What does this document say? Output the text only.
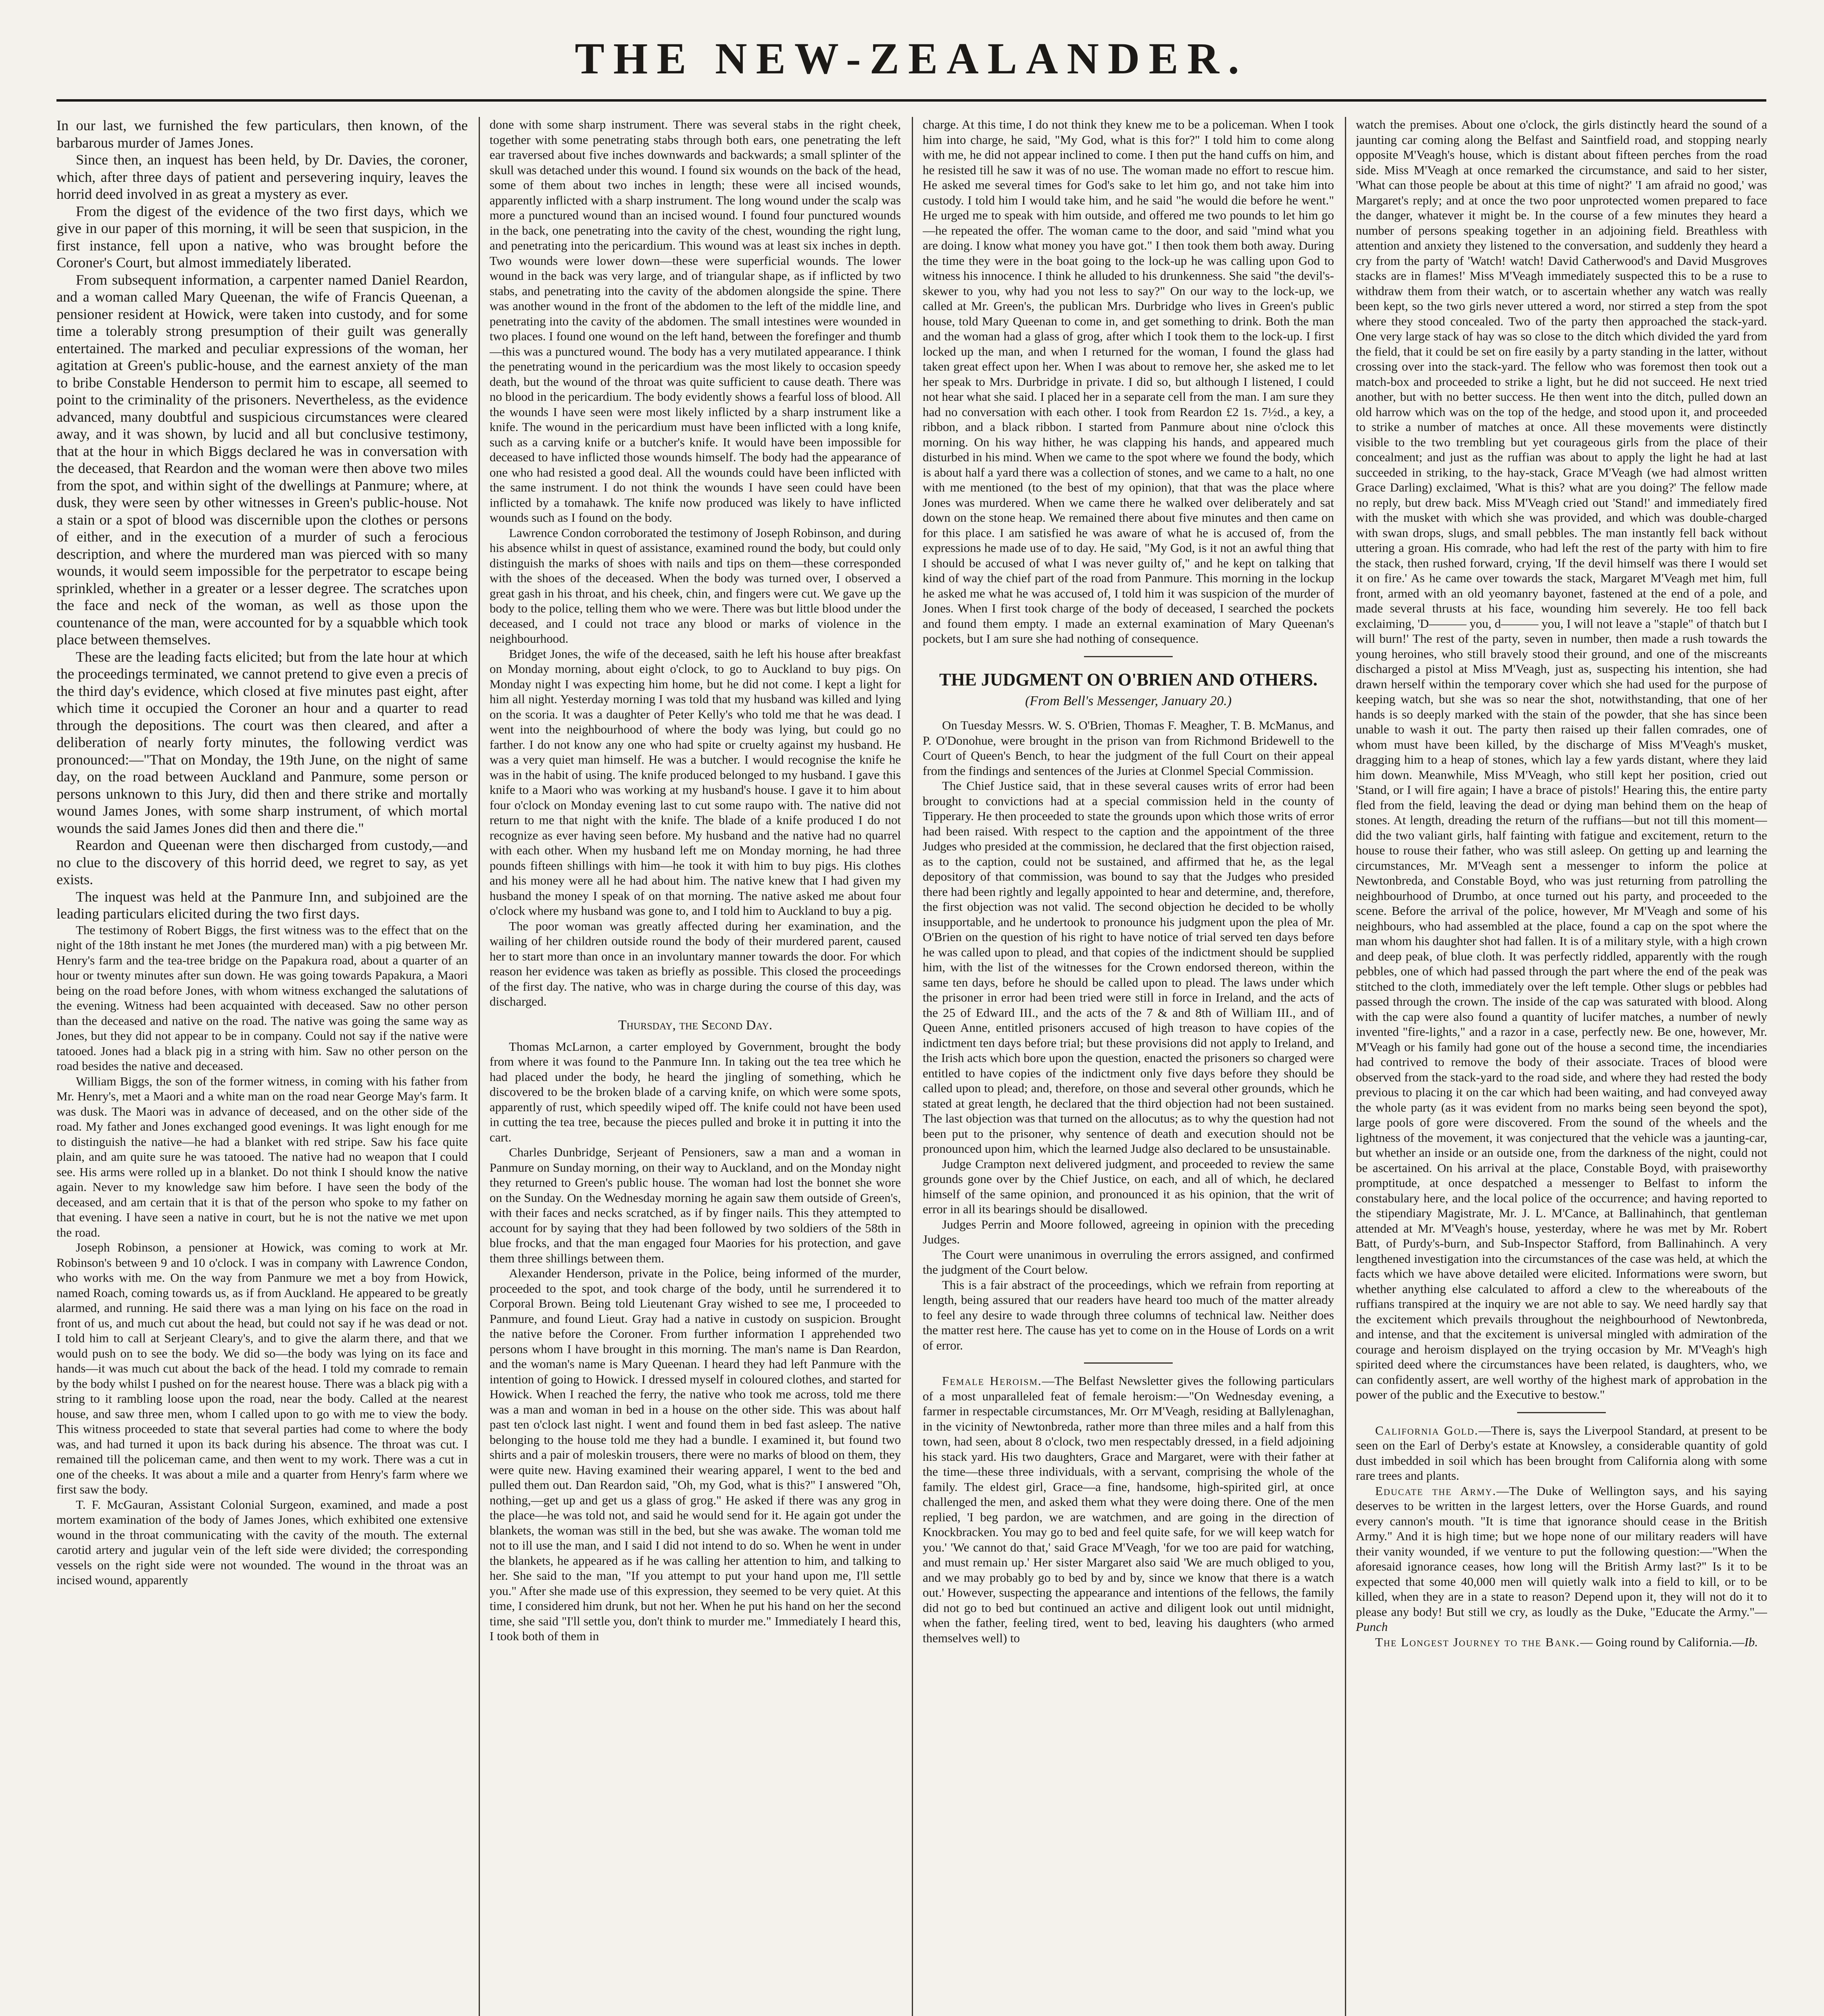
THE NEW-ZEALANDER.

In our last, we furnished the few particulars, then known, of the barbarous murder of James Jones.

Since then, an inquest has been held, by Dr. Davies, the coroner, which, after three days of patient and persevering inquiry, leaves the horrid deed involved in as great a mystery as ever.

From the digest of the evidence of the two first days, which we give in our paper of this morning, it will be seen that suspicion, in the first instance, fell upon a native, who was brought before the Coroner's Court, but almost immediately liberated.

From subsequent information, a carpenter named Daniel Reardon, and a woman called Mary Queenan, the wife of Francis Queenan, a pensioner resident at Howick, were taken into custody, and for some time a tolerably strong presumption of their guilt was generally entertained. The marked and peculiar expressions of the woman, her agitation at Green's public-house, and the earnest anxiety of the man to bribe Constable Henderson to permit him to escape, all seemed to point to the criminality of the prisoners. Nevertheless, as the evidence advanced, many doubtful and suspicious circumstances were cleared away, and it was shown, by lucid and all but conclusive testimony, that at the hour in which Biggs declared he was in conversation with the deceased, that Reardon and the woman were then above two miles from the spot, and within sight of the dwellings at Panmure; where, at dusk, they were seen by other witnesses in Green's public-house. Not a stain or a spot of blood was discernible upon the clothes or persons of either, and in the execution of a murder of such a ferocious description, and where the murdered man was pierced with so many wounds, it would seem impossible for the perpetrator to escape being sprinkled, whether in a greater or a lesser degree. The scratches upon the face and neck of the woman, as well as those upon the countenance of the man, were accounted for by a squabble which took place between themselves.

These are the leading facts elicited; but from the late hour at which the proceedings terminated, we cannot pretend to give even a precis of the third day's evidence, which closed at five minutes past eight, after which time it occupied the Coroner an hour and a quarter to read through the depositions. The court was then cleared, and after a deliberation of nearly forty minutes, the following verdict was pronounced:—"That on Monday, the 19th June, on the night of same day, on the road between Auckland and Panmure, some person or persons unknown to this Jury, did then and there strike and mortally wound James Jones, with some sharp instrument, of which mortal wounds the said James Jones did then and there die."

Reardon and Queenan were then discharged from custody,—and no clue to the discovery of this horrid deed, we regret to say, as yet exists.

The inquest was held at the Panmure Inn, and subjoined are the leading particulars elicited during the two first days.

The testimony of Robert Biggs, the first witness was to the effect that on the night of the 18th instant he met Jones (the murdered man) with a pig between Mr. Henry's farm and the tea-tree bridge on the Papakura road, about a quarter of an hour or twenty minutes after sun down. He was going towards Papakura, a Maori being on the road before Jones, with whom witness exchanged the salutations of the evening. Witness had been acquainted with deceased. Saw no other person than the deceased and native on the road. The native was going the same way as Jones, but they did not appear to be in company. Could not say if the native were tatooed. Jones had a black pig in a string with him. Saw no other person on the road besides the native and deceased.

William Biggs, the son of the former witness, in coming with his father from Mr. Henry's, met a Maori and a white man on the road near George May's farm. It was dusk. The Maori was in advance of deceased, and on the other side of the road. My father and Jones exchanged good evenings. It was light enough for me to distinguish the native—he had a blanket with red stripe. Saw his face quite plain, and am quite sure he was tatooed. The native had no weapon that I could see. His arms were rolled up in a blanket. Do not think I should know the native again. Never to my knowledge saw him before. I have seen the body of the deceased, and am certain that it is that of the person who spoke to my father on that evening. I have seen a native in court, but he is not the native we met upon the road.

Joseph Robinson, a pensioner at Howick, was coming to work at Mr. Robinson's between 9 and 10 o'clock. I was in company with Lawrence Condon, who works with me. On the way from Panmure we met a boy from Howick, named Roach, coming towards us, as if from Auckland. He appeared to be greatly alarmed, and running. He said there was a man lying on his face on the road in front of us, and much cut about the head, but could not say if he was dead or not. I told him to call at Serjeant Cleary's, and to give the alarm there, and that we would push on to see the body. We did so—the body was lying on its face and hands—it was much cut about the back of the head. I told my comrade to remain by the body whilst I pushed on for the nearest house. There was a black pig with a string to it rambling loose upon the road, near the body. Called at the nearest house, and saw three men, whom I called upon to go with me to view the body. This witness proceeded to state that several parties had come to where the body was, and had turned it upon its back during his absence. The throat was cut. I remained till the policeman came, and then went to my work. There was a cut in one of the cheeks. It was about a mile and a quarter from Henry's farm where we first saw the body.

T. F. McGauran, Assistant Colonial Surgeon, examined, and made a post mortem examination of the body of James Jones, which exhibited one extensive wound in the throat communicating with the cavity of the mouth. The external carotid artery and jugular vein of the left side were divided; the corresponding vessels on the right side were not wounded. The wound in the throat was an incised wound, apparently

done with some sharp instrument. There was several stabs in the right cheek, together with some penetrating stabs through both ears, one penetrating the left ear traversed about five inches downwards and backwards; a small splinter of the skull was detached under this wound. I found six wounds on the back of the head, some of them about two inches in length; these were all incised wounds, apparently inflicted with a sharp instrument. The long wound under the scalp was more a punctured wound than an incised wound. I found four punctured wounds in the back, one penetrating into the cavity of the chest, wounding the right lung, and penetrating into the pericardium. This wound was at least six inches in depth. Two wounds were lower down—these were superficial wounds. The lower wound in the back was very large, and of triangular shape, as if inflicted by two stabs, and penetrating into the cavity of the abdomen alongside the spine. There was another wound in the front of the abdomen to the left of the middle line, and penetrating into the cavity of the abdomen. The small intestines were wounded in two places. I found one wound on the left hand, between the forefinger and thumb—this was a punctured wound. The body has a very mutilated appearance. I think the penetrating wound in the pericardium was the most likely to occasion speedy death, but the wound of the throat was quite sufficient to cause death. There was no blood in the pericardium. The body evidently shows a fearful loss of blood. All the wounds I have seen were most likely inflicted by a sharp instrument like a knife. The wound in the pericardium must have been inflicted with a long knife, such as a carving knife or a butcher's knife. It would have been impossible for deceased to have inflicted those wounds himself. The body had the appearance of one who had resisted a good deal. All the wounds could have been inflicted with the same instrument. I do not think the wounds I have seen could have been inflicted by a tomahawk. The knife now produced was likely to have inflicted wounds such as I found on the body.

Lawrence Condon corroborated the testimony of Joseph Robinson, and during his absence whilst in quest of assistance, examined round the body, but could only distinguish the marks of shoes with nails and tips on them—these corresponded with the shoes of the deceased. When the body was turned over, I observed a great gash in his throat, and his cheek, chin, and fingers were cut. We gave up the body to the police, telling them who we were. There was but little blood under the deceased, and I could not trace any blood or marks of violence in the neighbourhood.

Bridget Jones, the wife of the deceased, saith he left his house after breakfast on Monday morning, about eight o'clock, to go to Auckland to buy pigs. On Monday night I was expecting him home, but he did not come. I kept a light for him all night. Yesterday morning I was told that my husband was killed and lying on the scoria. It was a daughter of Peter Kelly's who told me that he was dead. I went into the neighbourhood of where the body was lying, but could go no farther. I do not know any one who had spite or cruelty against my husband. He was a very quiet man himself. He was a butcher. I would recognise the knife he was in the habit of using. The knife produced belonged to my husband. I gave this knife to a Maori who was working at my husband's house. I gave it to him about four o'clock on Monday evening last to cut some raupo with. The native did not return to me that night with the knife. The blade of a knife produced I do not recognize as ever having seen before. My husband and the native had no quarrel with each other. When my husband left me on Monday morning, he had three pounds fifteen shillings with him—he took it with him to buy pigs. His clothes and his money were all he had about him. The native knew that I had given my husband the money I speak of on that morning. The native asked me about four o'clock where my husband was gone to, and I told him to Auckland to buy a pig.

The poor woman was greatly affected during her examination, and the wailing of her children outside round the body of their murdered parent, caused her to start more than once in an involuntary manner towards the door. For which reason her evidence was taken as briefly as possible. This closed the proceedings of the first day. The native, who was in charge during the course of this day, was discharged.

Thursday, the Second Day.

Thomas McLarnon, a carter employed by Government, brought the body from where it was found to the Panmure Inn. In taking out the tea tree which he had placed under the body, he heard the jingling of something, which he discovered to be the broken blade of a carving knife, on which were some spots, apparently of rust, which speedily wiped off. The knife could not have been used in cutting the tea tree, because the pieces pulled and broke it in putting it into the cart.

Charles Dunbridge, Serjeant of Pensioners, saw a man and a woman in Panmure on Sunday morning, on their way to Auckland, and on the Monday night they returned to Green's public house. The woman had lost the bonnet she wore on the Sunday. On the Wednesday morning he again saw them outside of Green's, with their faces and necks scratched, as if by finger nails. This they attempted to account for by saying that they had been followed by two soldiers of the 58th in blue frocks, and that the man engaged four Maories for his protection, and gave them three shillings between them.

Alexander Henderson, private in the Police, being informed of the murder, proceeded to the spot, and took charge of the body, until he surrendered it to Corporal Brown. Being told Lieutenant Gray wished to see me, I proceeded to Panmure, and found Lieut. Gray had a native in custody on suspicion. Brought the native before the Coroner. From further information I apprehended two persons whom I have brought in this morning. The man's name is Dan Reardon, and the woman's name is Mary Queenan. I heard they had left Panmure with the intention of going to Howick. I dressed myself in coloured clothes, and started for Howick. When I reached the ferry, the native who took me across, told me there was a man and woman in bed in a house on the other side. This was about half past ten o'clock last night. I went and found them in bed fast asleep. The native belonging to the house told me they had a bundle. I examined it, but found two shirts and a pair of moleskin trousers, there were no marks of blood on them, they were quite new. Having examined their wearing apparel, I went to the bed and pulled them out. Dan Reardon said, "Oh, my God, what is this?" I answered "Oh, nothing,—get up and get us a glass of grog." He asked if there was any grog in the place—he was told not, and said he would send for it. He again got under the blankets, the woman was still in the bed, but she was awake. The woman told me not to ill use the man, and I said I did not intend to do so. When he went in under the blankets, he appeared as if he was calling her attention to him, and talking to her. She said to the man, "If you attempt to put your hand upon me, I'll settle you." After she made use of this expression, they seemed to be very quiet. At this time, I considered him drunk, but not her. When he put his hand on her the second time, she said "I'll settle you, don't think to murder me." Immediately I heard this, I took both of them in

charge. At this time, I do not think they knew me to be a policeman. When I took him into charge, he said, "My God, what is this for?" I told him to come along with me, he did not appear inclined to come. I then put the hand cuffs on him, and he resisted till he saw it was of no use. The woman made no effort to rescue him. He asked me several times for God's sake to let him go, and not take him into custody. I told him I would take him, and he said "he would die before he went." He urged me to speak with him outside, and offered me two pounds to let him go—he repeated the offer. The woman came to the door, and said "mind what you are doing. I know what money you have got." I then took them both away. During the time they were in the boat going to the lock-up he was calling upon God to witness his innocence. I think he alluded to his drunkenness. She said "the devil's-skewer to you, why had you not less to say?" On our way to the lock-up, we called at Mr. Green's, the publican Mrs. Durbridge who lives in Green's public house, told Mary Queenan to come in, and get something to drink. Both the man and the woman had a glass of grog, after which I took them to the lock-up. I first locked up the man, and when I returned for the woman, I found the glass had taken great effect upon her. When I was about to remove her, she asked me to let her speak to Mrs. Durbridge in private. I did so, but although I listened, I could not hear what she said. I placed her in a separate cell from the man. I am sure they had no conversation with each other. I took from Reardon £2 1s. 7½d., a key, a ribbon, and a black ribbon. I started from Panmure about nine o'clock this morning. On his way hither, he was clapping his hands, and appeared much disturbed in his mind. When we came to the spot where we found the body, which is about half a yard there was a collection of stones, and we came to a halt, no one with me mentioned (to the best of my opinion), that that was the place where Jones was murdered. When we came there he walked over deliberately and sat down on the stone heap. We remained there about five minutes and then came on for this place. I am satisfied he was aware of what he is accused of, from the expressions he made use of to day. He said, "My God, is it not an awful thing that I should be accused of what I was never guilty of," and he kept on talking that kind of way the chief part of the road from Panmure. This morning in the lockup he asked me what he was accused of, I told him it was suspicion of the murder of Jones. When I first took charge of the body of deceased, I searched the pockets and found them empty. I made an external examination of Mary Queenan's pockets, but I am sure she had nothing of consequence.

THE JUDGMENT ON O'BRIEN AND OTHERS.

(From Bell's Messenger, January 20.)

On Tuesday Messrs. W. S. O'Brien, Thomas F. Meagher, T. B. McManus, and P. O'Donohue, were brought in the prison van from Richmond Bridewell to the Court of Queen's Bench, to hear the judgment of the full Court on their appeal from the findings and sentences of the Juries at Clonmel Special Commission.

The Chief Justice said, that in these several causes writs of error had been brought to convictions had at a special commission held in the county of Tipperary. He then proceeded to state the grounds upon which those writs of error had been raised. With respect to the caption and the appointment of the three Judges who presided at the commission, he declared that the first objection raised, as to the caption, could not be sustained, and affirmed that he, as the legal depository of that commission, was bound to say that the Judges who presided there had been rightly and legally appointed to hear and determine, and, therefore, the first objection was not valid. The second objection he decided to be wholly insupportable, and he undertook to pronounce his judgment upon the plea of Mr. O'Brien on the question of his right to have notice of trial served ten days before he was called upon to plead, and that copies of the indictment should be supplied him, with the list of the witnesses for the Crown endorsed thereon, within the same ten days, before he should be called upon to plead. The laws under which the prisoner in error had been tried were still in force in Ireland, and the acts of the 25 of Edward III., and the acts of the 7 & and 8th of William III., and of Queen Anne, entitled prisoners accused of high treason to have copies of the indictment ten days before trial; but these provisions did not apply to Ireland, and the Irish acts which bore upon the question, enacted the prisoners so charged were entitled to have copies of the indictment only five days before they should be called upon to plead; and, therefore, on those and several other grounds, which he stated at great length, he declared that the third objection had not been sustained. The last objection was that turned on the allocutus; as to why the question had not been put to the prisoner, why sentence of death and execution should not be pronounced upon him, which the learned Judge also declared to be unsustainable.

Judge Crampton next delivered judgment, and proceeded to review the same grounds gone over by the Chief Justice, on each, and all of which, he declared himself of the same opinion, and pronounced it as his opinion, that the writ of error in all its bearings should be disallowed.

Judges Perrin and Moore followed, agreeing in opinion with the preceding Judges.

The Court were unanimous in overruling the errors assigned, and confirmed the judgment of the Court below.

This is a fair abstract of the proceedings, which we refrain from reporting at length, being assured that our readers have heard too much of the matter already to feel any desire to wade through three columns of technical law. Neither does the matter rest here. The cause has yet to come on in the House of Lords on a writ of error.

Female Heroism.—The Belfast Newsletter gives the following particulars of a most unparalleled feat of female heroism:—"On Wednesday evening, a farmer in respectable circumstances, Mr. Orr M'Veagh, residing at Ballylenaghan, in the vicinity of Newtonbreda, rather more than three miles and a half from this town, had seen, about 8 o'clock, two men respectably dressed, in a field adjoining his stack yard. His two daughters, Grace and Margaret, were with their father at the time—these three individuals, with a servant, comprising the whole of the family. The eldest girl, Grace—a fine, handsome, high-spirited girl, at once challenged the men, and asked them what they were doing there. One of the men replied, 'I beg pardon, we are watchmen, and are going in the direction of Knockbracken. You may go to bed and feel quite safe, for we will keep watch for you.' 'We cannot do that,' said Grace M'Veagh, 'for we too are paid for watching, and must remain up.' Her sister Margaret also said 'We are much obliged to you, and we may probably go to bed by and by, since we know that there is a watch out.' However, suspecting the appearance and intentions of the fellows, the family did not go to bed but continued an active and diligent look out until midnight, when the father, feeling tired, went to bed, leaving his daughters (who armed themselves well) to

watch the premises. About one o'clock, the girls distinctly heard the sound of a jaunting car coming along the Belfast and Saintfield road, and stopping nearly opposite M'Veagh's house, which is distant about fifteen perches from the road side. Miss M'Veagh at once remarked the circumstance, and said to her sister, 'What can those people be about at this time of night?' 'I am afraid no good,' was Margaret's reply; and at once the two poor unprotected women prepared to face the danger, whatever it might be. In the course of a few minutes they heard a number of persons speaking together in an adjoining field. Breathless with attention and anxiety they listened to the conversation, and suddenly they heard a cry from the party of 'Watch! watch! David Catherwood's and David Musgroves stacks are in flames!' Miss M'Veagh immediately suspected this to be a ruse to withdraw them from their watch, or to ascertain whether any watch was really been kept, so the two girls never uttered a word, nor stirred a step from the spot where they stood concealed. Two of the party then approached the stack-yard. One very large stack of hay was so close to the ditch which divided the yard from the field, that it could be set on fire easily by a party standing in the latter, without crossing over into the stack-yard. The fellow who was foremost then took out a match-box and proceeded to strike a light, but he did not succeed. He next tried another, but with no better success. He then went into the ditch, pulled down an old harrow which was on the top of the hedge, and stood upon it, and proceeded to strike a number of matches at once. All these movements were distinctly visible to the two trembling but yet courageous girls from the place of their concealment; and just as the ruffian was about to apply the light he had at last succeeded in striking, to the hay-stack, Grace M'Veagh (we had almost written Grace Darling) exclaimed, 'What is this? what are you doing?' The fellow made no reply, but drew back. Miss M'Veagh cried out 'Stand!' and immediately fired with the musket with which she was provided, and which was double-charged with swan drops, slugs, and small pebbles. The man instantly fell back without uttering a groan. His comrade, who had left the rest of the party with him to fire the stack, then rushed forward, crying, 'If the devil himself was there I would set it on fire.' As he came over towards the stack, Margaret M'Veagh met him, full front, armed with an old yeomanry bayonet, fastened at the end of a pole, and made several thrusts at his face, wounding him severely. He too fell back exclaiming, 'D——— you, d——— you, I will not leave a "staple" of thatch but I will burn!' The rest of the party, seven in number, then made a rush towards the young heroines, who still bravely stood their ground, and one of the miscreants discharged a pistol at Miss M'Veagh, just as, suspecting his intention, she had drawn herself within the temporary cover which she had used for the purpose of keeping watch, but she was so near the shot, notwithstanding, that one of her hands is so deeply marked with the stain of the powder, that she has since been unable to wash it out. The party then raised up their fallen comrades, one of whom must have been killed, by the discharge of Miss M'Veagh's musket, dragging him to a heap of stones, which lay a few yards distant, where they laid him down. Meanwhile, Miss M'Veagh, who still kept her position, cried out 'Stand, or I will fire again; I have a brace of pistols!' Hearing this, the entire party fled from the field, leaving the dead or dying man behind them on the heap of stones. At length, dreading the return of the ruffians—but not till this moment—did the two valiant girls, half fainting with fatigue and excitement, return to the house to rouse their father, who was still asleep. On getting up and learning the circumstances, Mr. M'Veagh sent a messenger to inform the police at Newtonbreda, and Constable Boyd, who was just returning from patrolling the neighbourhood of Drumbo, at once turned out his party, and proceeded to the scene. Before the arrival of the police, however, Mr M'Veagh and some of his neighbours, who had assembled at the place, found a cap on the spot where the man whom his daughter shot had fallen. It is of a military style, with a high crown and deep peak, of blue cloth. It was perfectly riddled, apparently with the rough pebbles, one of which had passed through the part where the end of the peak was stitched to the cloth, immediately over the left temple. Other slugs or pebbles had passed through the crown. The inside of the cap was saturated with blood. Along with the cap were also found a quantity of lucifer matches, a number of newly invented "fire-lights," and a razor in a case, perfectly new. Be one, however, Mr. M'Veagh or his family had gone out of the house a second time, the incendiaries had contrived to remove the body of their associate. Traces of blood were observed from the stack-yard to the road side, and where they had rested the body previous to placing it on the car which had been waiting, and had conveyed away the whole party (as it was evident from no marks being seen beyond the spot), large pools of gore were discovered. From the sound of the wheels and the lightness of the movement, it was conjectured that the vehicle was a jaunting-car, but whether an inside or an outside one, from the darkness of the night, could not be ascertained. On his arrival at the place, Constable Boyd, with praiseworthy promptitude, at once despatched a messenger to Belfast to inform the constabulary here, and the local police of the occurrence; and having reported to the stipendiary Magistrate, Mr. J. L. M'Cance, at Ballinahinch, that gentleman attended at Mr. M'Veagh's house, yesterday, where he was met by Mr. Robert Batt, of Purdy's-burn, and Sub-Inspector Stafford, from Ballinahinch. A very lengthened investigation into the circumstances of the case was held, at which the facts which we have above detailed were elicited. Informations were sworn, but whether anything else calculated to afford a clew to the whereabouts of the ruffians transpired at the inquiry we are not able to say. We need hardly say that the excitement which prevails throughout the neighbourhood of Newtonbreda, and intense, and that the excitement is universal mingled with admiration of the courage and heroism displayed on the trying occasion by Mr. M'Veagh's high spirited deed where the circumstances have been related, is daughters, who, we can confidently assert, are well worthy of the highest mark of approbation in the power of the public and the Executive to bestow."

California Gold.—There is, says the Liverpool Standard, at present to be seen on the Earl of Derby's estate at Knowsley, a considerable quantity of gold dust imbedded in soil which has been brought from California along with some rare trees and plants.

Educate the Army.—The Duke of Wellington says, and his saying deserves to be written in the largest letters, over the Horse Guards, and round every cannon's mouth. "It is time that ignorance should cease in the British Army." And it is high time; but we hope none of our military readers will have their vanity wounded, if we venture to put the following question:—"When the aforesaid ignorance ceases, how long will the British Army last?" Is it to be expected that some 40,000 men will quietly walk into a field to kill, or to be killed, when they are in a state to reason? Depend upon it, they will not do it to please any body! But still we cry, as loudly as the Duke, "Educate the Army."—Punch

The Longest Journey to the Bank.— Going round by California.—Ib.
